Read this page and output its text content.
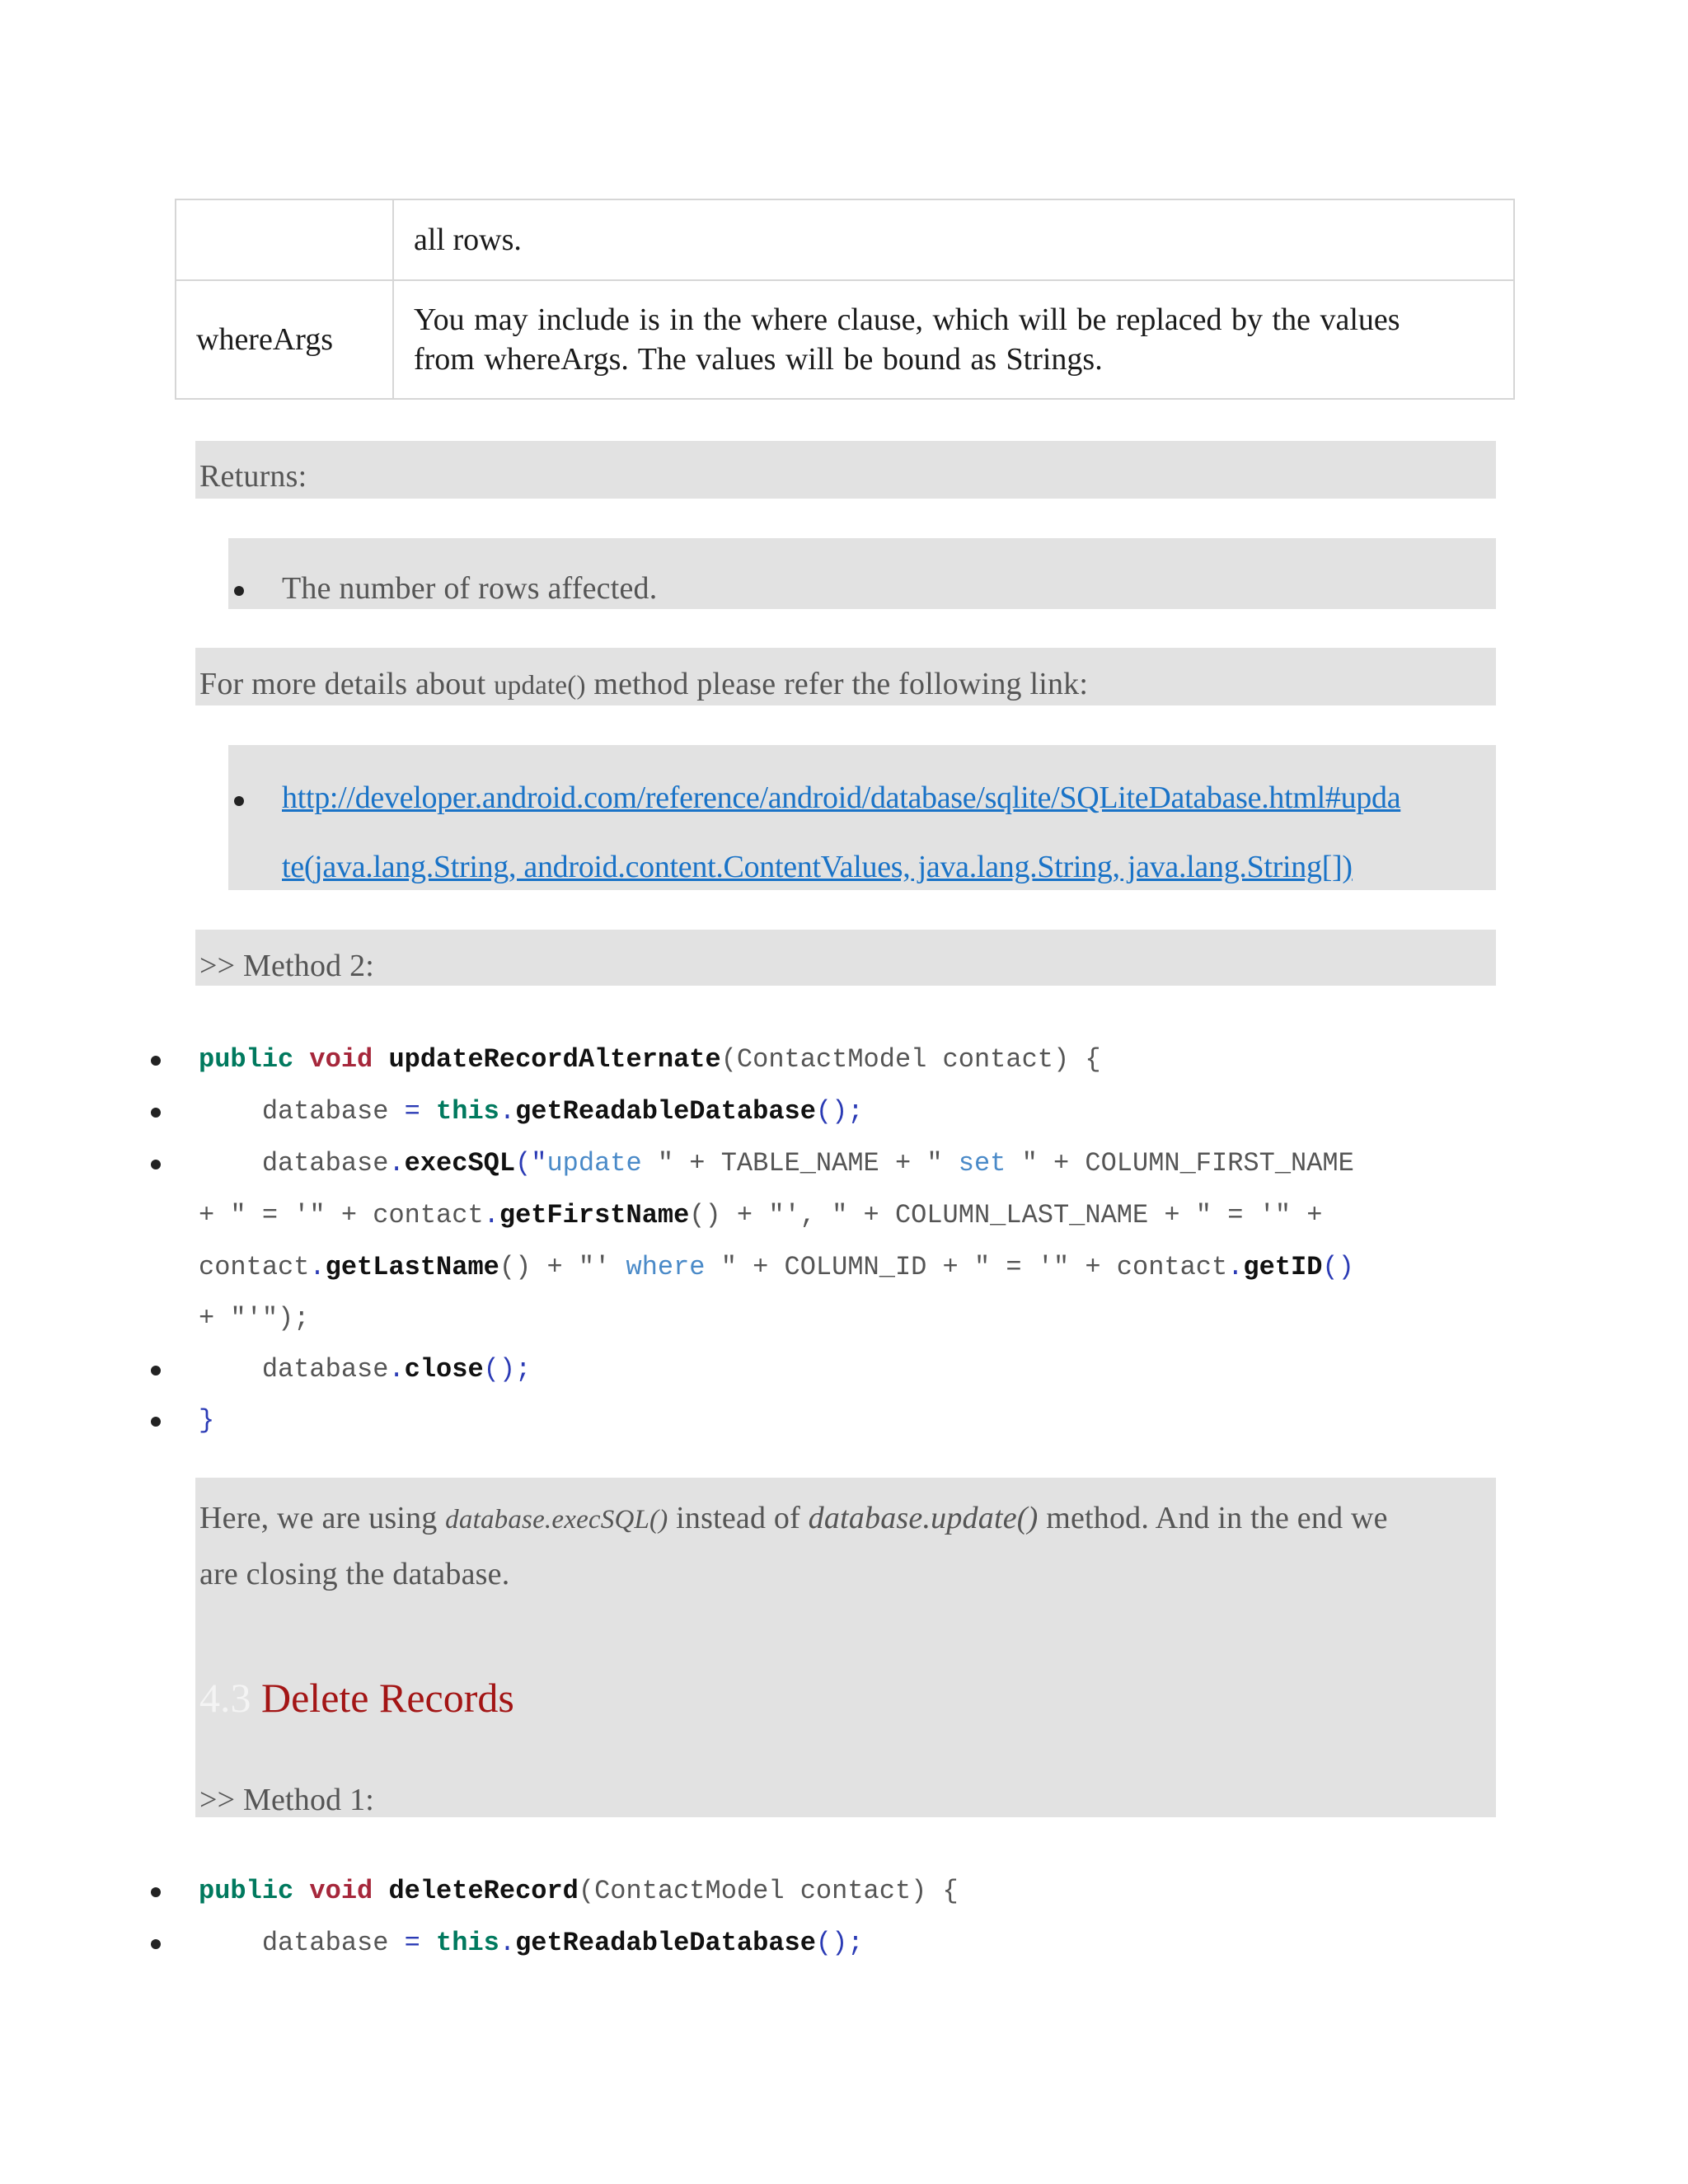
	all rows.
whereArgs	You may include is in the where clause, which will be replaced by the values
from whereArgs. The values will be bound as Strings.
Returns:
The number of rows affected.
For more details about update() method please refer the following link:
http://developer.android.com/reference/android/database/sqlite/SQLiteDatabase.html#upda
te(java.lang.String, android.content.ContentValues, java.lang.String, java.lang.String[])
>> Method 2:
public void updateRecordAlternate(ContactModel contact) {
database = this.getReadableDatabase();
database.execSQL("update " + TABLE_NAME + " set " + COLUMN_FIRST_NAME
+ " = '" + contact.getFirstName() + "', " + COLUMN_LAST_NAME + " = '" +
contact.getLastName() + "' where " + COLUMN_ID + " = '" + contact.getID()
+ "'");
database.close();
}
Here, we are using database.execSQL() instead of database.update() method. And in the end we
are closing the database.
4.3 Delete Records
>> Method 1:
public void deleteRecord(ContactModel contact) {
database = this.getReadableDatabase();
